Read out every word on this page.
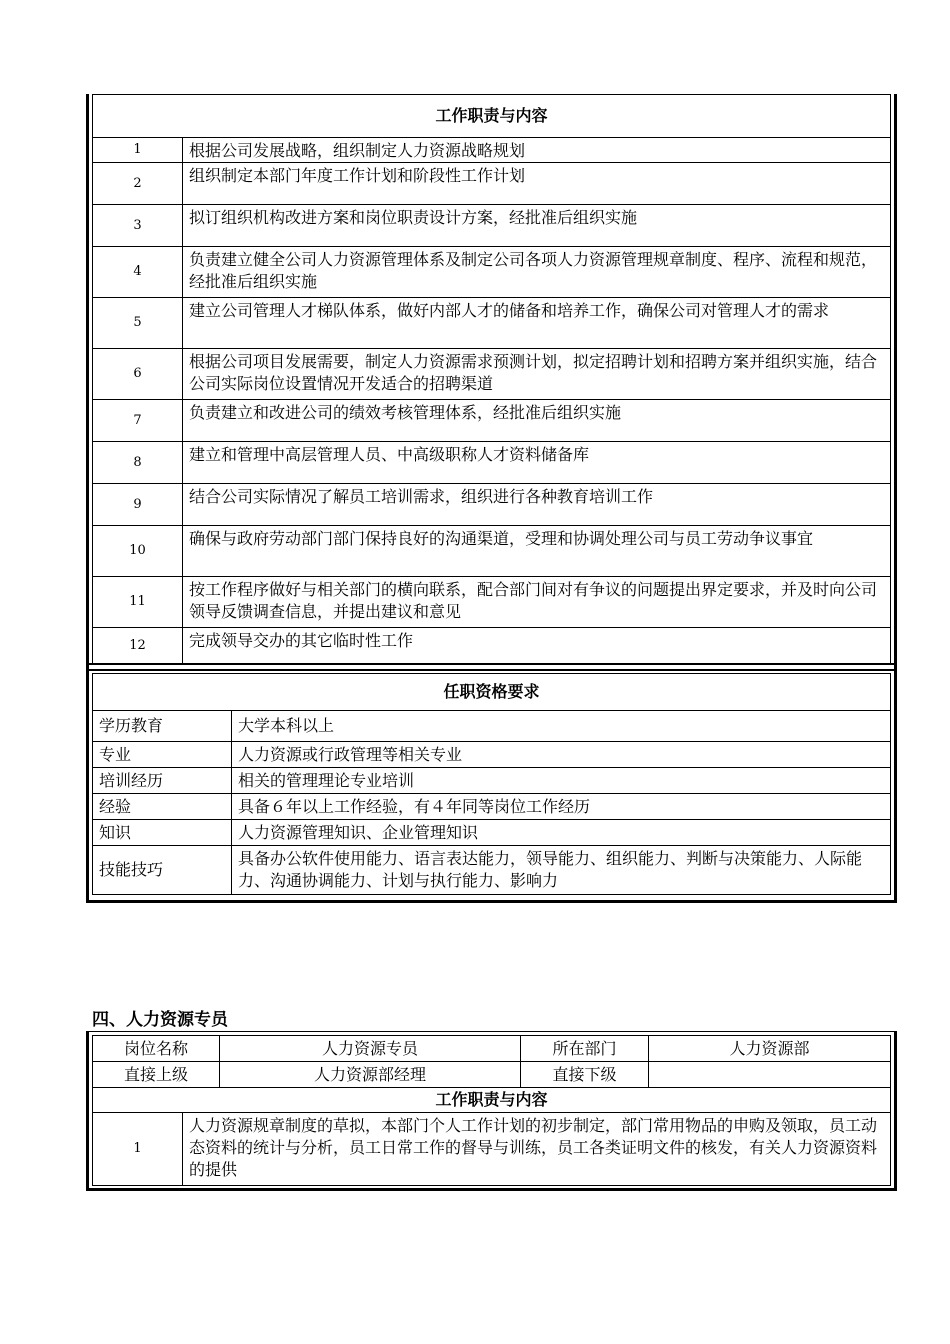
工作职责与内容	
1	根据公司发展战略，组织制定人力资源战略规划
2	组织制定本部门年度工作计划和阶段性工作计划
3	拟订组织机构改进方案和岗位职责设计方案，经批准后组织实施
4	负责建立健全公司人力资源管理体系及制定公司各项人力资源管理规章制度、程序、流程和规范，经批准后组织实施
5	建立公司管理人才梯队体系，做好内部人才的储备和培养工作，确保公司对管理人才的需求
6	根据公司项目发展需要，制定人力资源需求预测计划，拟定招聘计划和招聘方案并组织实施，结合公司实际岗位设置情况开发适合的招聘渠道
7	负责建立和改进公司的绩效考核管理体系，经批准后组织实施
8	建立和管理中高层管理人员、中高级职称人才资料储备库
9	结合公司实际情况了解员工培训需求，组织进行各种教育培训工作
10	确保与政府劳动部门部门保持良好的沟通渠道，受理和协调处理公司与员工劳动争议事宜
11	按工作程序做好与相关部门的横向联系，配合部门间对有争议的问题提出界定要求，并及时向公司领导反馈调查信息，并提出建议和意见
12	完成领导交办的其它临时性工作
任职资格要求	
学历教育	大学本科以上
专业	人力资源或行政管理等相关专业
培训经历	相关的管理理论专业培训
经验	具备６年以上工作经验，有４年同等岗位工作经历
知识	人力资源管理知识、企业管理知识
技能技巧	具备办公软件使用能力、语言表达能力，领导能力、组织能力、判断与决策能力、人际能力、沟通协调能力、计划与执行能力、影响力
四、人力资源专员
岗位名称	人力资源专员	所在部门	人力资源部
直接上级	人力资源部经理	直接下级	
工作职责与内容
1	人力资源规章制度的草拟，本部门个人工作计划的初步制定，部门常用物品的申购及领取，员工动态资料的统计与分析，员工日常工作的督导与训练，员工各类证明文件的核发，有关人力资源资料的提供
